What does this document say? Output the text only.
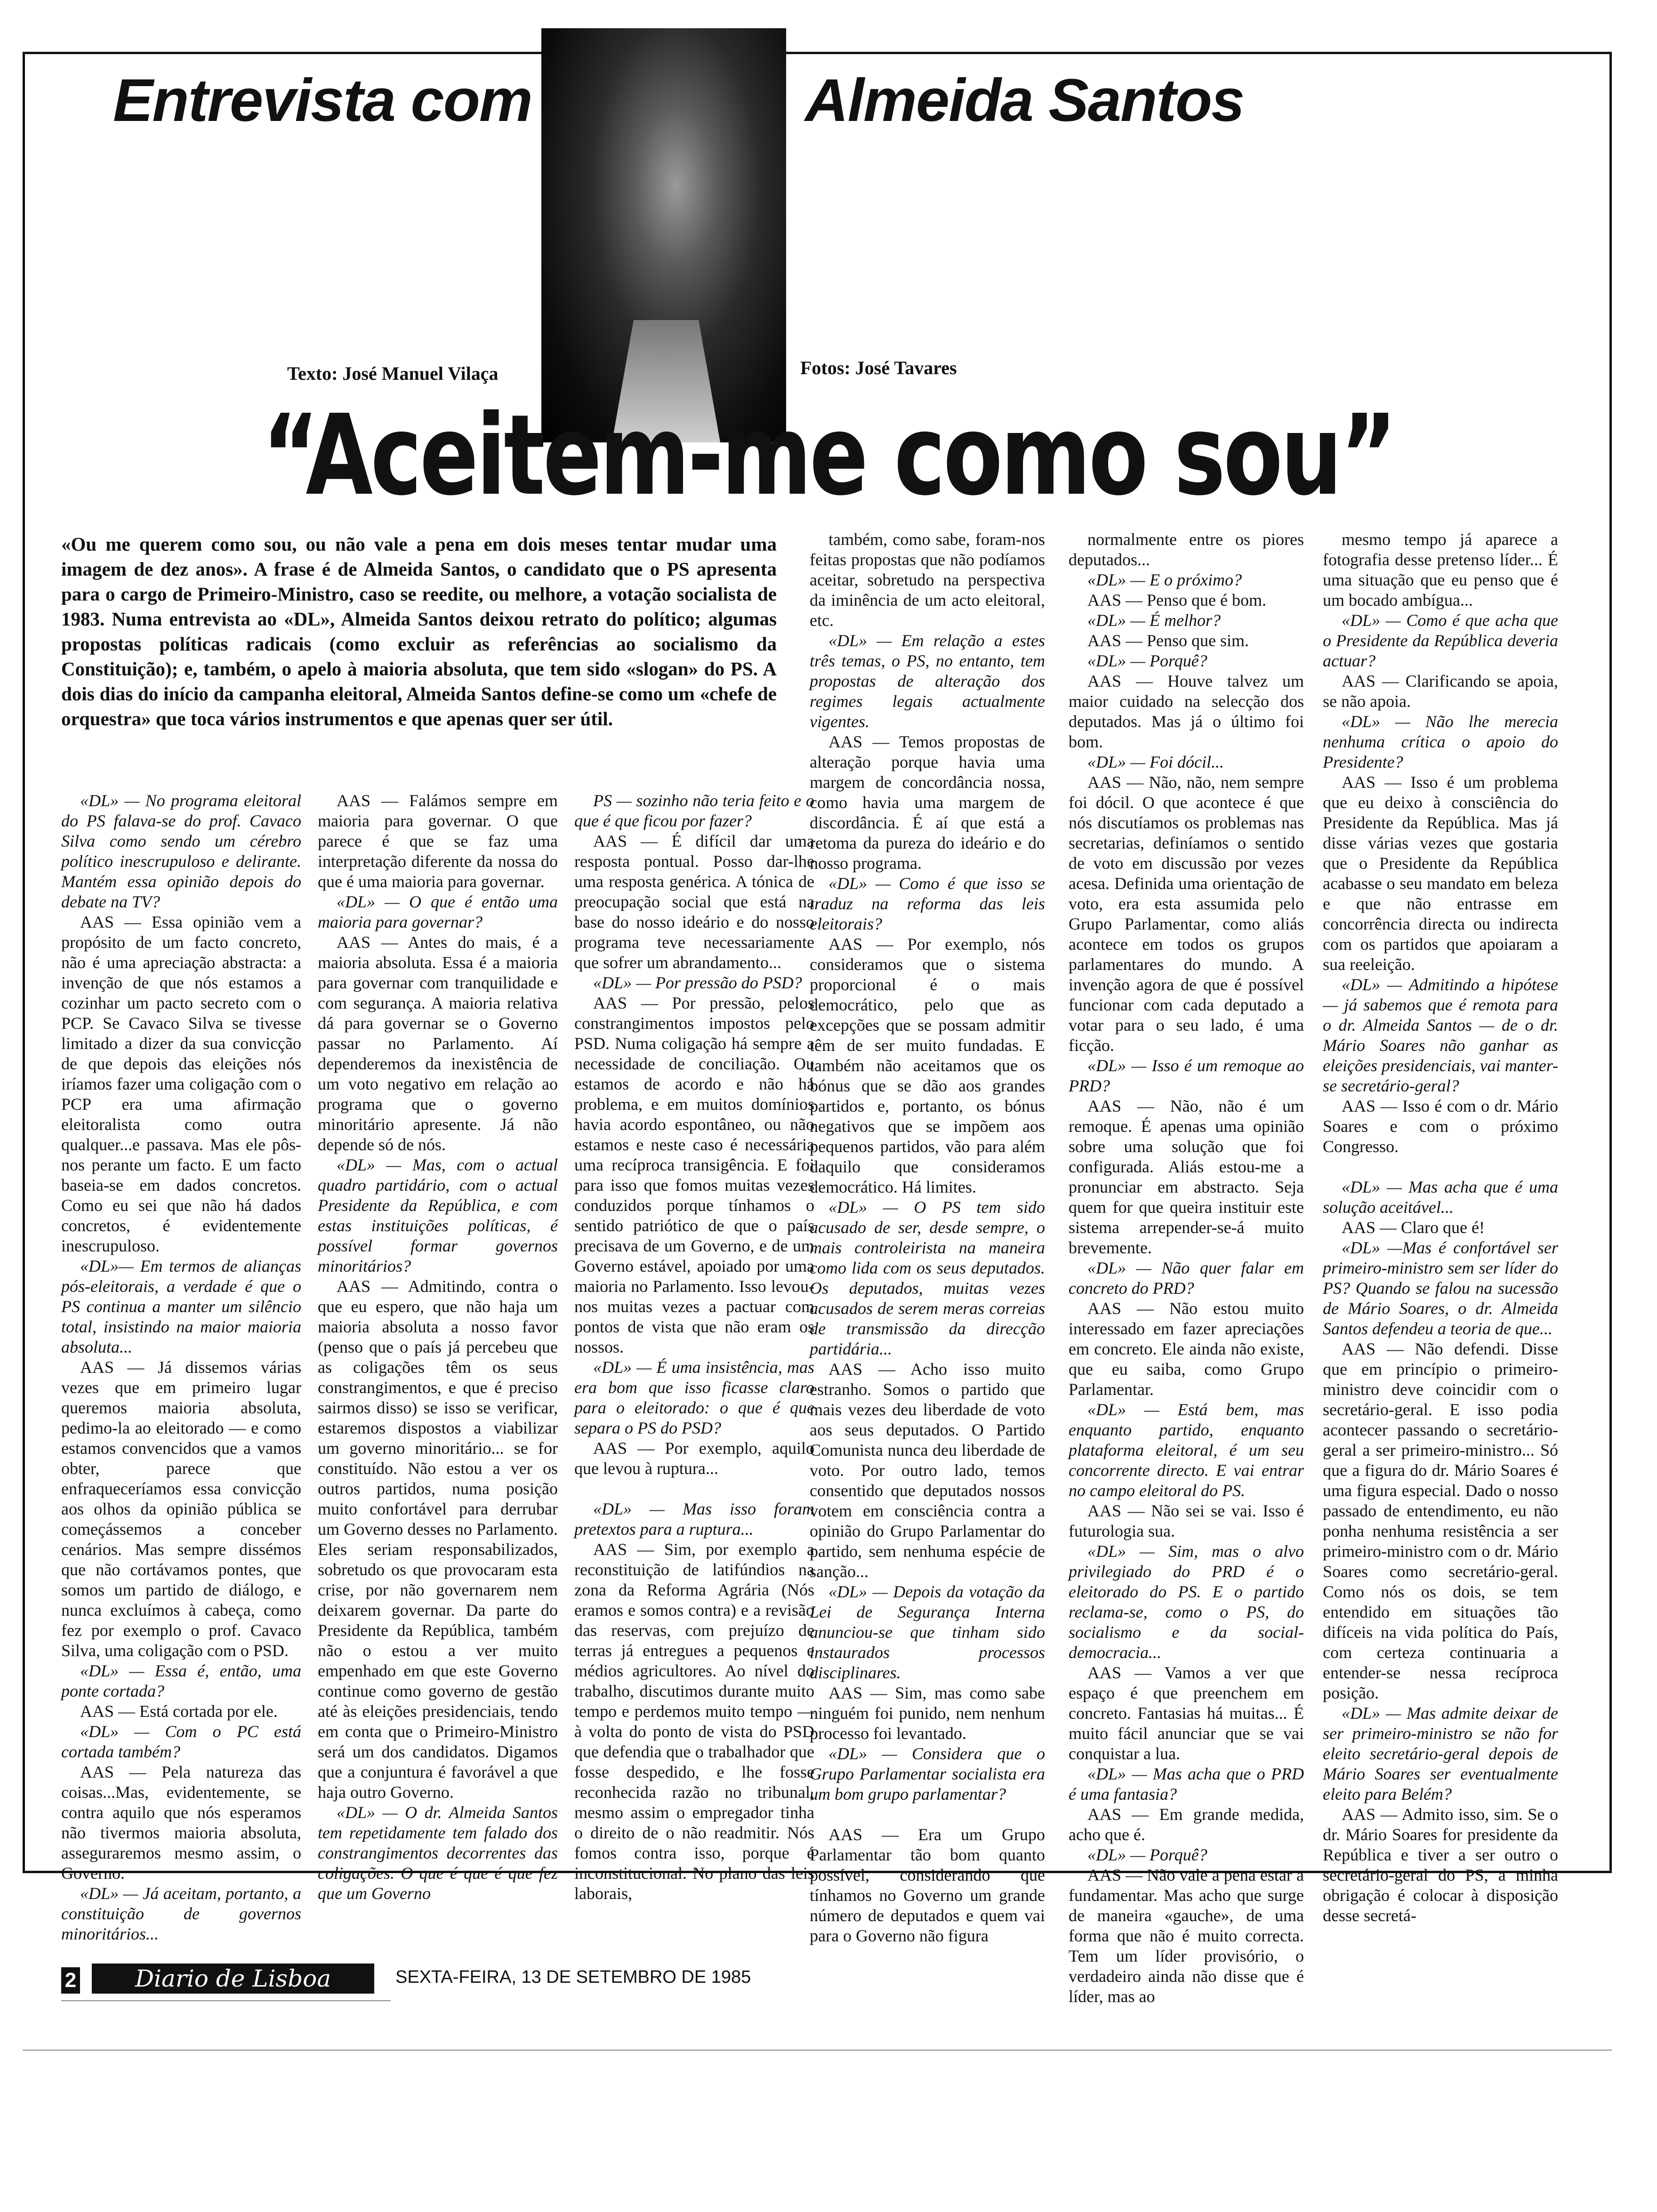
Entrevista com	Almeida Santos
Texto: José Manuel Vilaça	Fotos: José Tavares
“Aceitem-me como sou”
«Ou me querem como sou, ou não vale a pena em dois meses tentar mudar uma imagem de dez anos». A frase é de Almeida Santos, o candidato que o PS apresenta para o cargo de Primeiro-Ministro, caso se reedite, ou melhore, a votação socialista de 1983. Numa entrevista ao «DL», Almeida Santos deixou retrato do político; algumas propostas políticas radicais (como excluir as referências ao socialismo da Constituição); e, também, o apelo à maioria absoluta, que tem sido «slogan» do PS. A dois dias do início da campanha eleitoral, Almeida Santos define-se como um «chefe de orquestra» que toca vários instrumentos e que apenas quer ser útil.

«DL» — No programa eleitoral do PS falava-se do prof. Cavaco Silva como sendo um cérebro político inescrupuloso e delirante. Mantém essa opinião depois do debate na TV?

AAS — Essa opinião vem a propósito de um facto concreto, não é uma apreciação abstracta: a invenção de que nós estamos a cozinhar um pacto secreto com o PCP. Se Cavaco Silva se tivesse limitado a dizer da sua convicção de que depois das eleições nós iríamos fazer uma coligação com o PCP era uma afirmação eleitoralista como outra qualquer...e passava. Mas ele pôs-nos perante um facto. E um facto baseia-se em dados concretos. Como eu sei que não há dados concretos, é evidentemente inescrupuloso.

«DL»— Em termos de alianças pós-eleitorais, a verdade é que o PS continua a manter um silêncio total, insistindo na maior maioria absoluta...

AAS — Já dissemos várias vezes que em primeiro lugar queremos maioria absoluta, pedimo-la ao eleitorado — e como estamos convencidos que a vamos obter, parece que enfraqueceríamos essa convicção aos olhos da opinião pública se começássemos a conceber cenários. Mas sempre dissémos que não cortávamos pontes, que somos um partido de diálogo, e nunca excluímos à cabeça, como fez por exemplo o prof. Cavaco Silva, uma coligação com o PSD.

«DL» — Essa é, então, uma ponte cortada?

AAS — Está cortada por ele.

«DL» — Com o PC está cortada também?

AAS — Pela natureza das coisas...Mas, evidentemente, se contra aquilo que nós esperamos não tivermos maioria absoluta, asseguraremos mesmo assim, o Governo.

«DL» — Já aceitam, portanto, a constituição de governos minoritários...

AAS — Falámos sempre em maioria para governar. O que parece é que se faz uma interpretação diferente da nossa do que é uma maioria para governar.

«DL» — O que é então uma maioria para governar?

AAS — Antes do mais, é a maioria absoluta. Essa é a maioria para governar com tranquilidade e com segurança. A maioria relativa dá para governar se o Governo passar no Parlamento. Aí dependeremos da inexistência de um voto negativo em relação ao programa que o governo minoritário apresente. Já não depende só de nós.

«DL» — Mas, com o actual quadro partidário, com o actual Presidente da República, e com estas instituições políticas, é possível formar governos minoritários?

AAS — Admitindo, contra o que eu espero, que não haja um maioria absoluta a nosso favor (penso que o país já percebeu que as coligações têm os seus constrangimentos, e que é preciso sairmos disso) se isso se verificar, estaremos dispostos a viabilizar um governo minoritário... se for constituído. Não estou a ver os outros partidos, numa posição muito confortável para derrubar um Governo desses no Parlamento. Eles seriam responsabilizados, sobretudo os que provocaram esta crise, por não governarem nem deixarem governar. Da parte do Presidente da República, também não o estou a ver muito empenhado em que este Governo continue como governo de gestão até às eleições presidenciais, tendo em conta que o Primeiro-Ministro será um dos candidatos. Digamos que a conjuntura é favorável a que haja outro Governo.

«DL» — O dr. Almeida Santos tem repetidamente tem falado dos constrangimentos decorrentes das coligações. O que é que é que fez que um Governo

PS — sozinho não teria feito e o que é que ficou por fazer?

AAS — É difícil dar uma resposta pontual. Posso dar-lhe uma resposta genérica. A tónica de preocupação social que está na base do nosso ideário e do nosso programa teve necessariamente que sofrer um abrandamento...

«DL» — Por pressão do PSD?

AAS — Por pressão, pelos constrangimentos impostos pelo PSD. Numa coligação há sempre a necessidade de conciliação. Ou estamos de acordo e não há problema, e em muitos domínios havia acordo espontâneo, ou não estamos e neste caso é necessária uma recíproca transigência. E foi para isso que fomos muitas vezes conduzidos porque tínhamos o sentido patriótico de que o país precisava de um Governo, e de um Governo estável, apoiado por uma maioria no Parlamento. Isso levou-nos muitas vezes a pactuar com pontos de vista que não eram os nossos.

«DL» — É uma insistência, mas era bom que isso ficasse claro para o eleitorado: o que é que separa o PS do PSD?

AAS — Por exemplo, aquilo que levou à ruptura...

«DL» — Mas isso foram pretextos para a ruptura...

AAS — Sim, por exemplo a reconstituição de latifúndios na zona da Reforma Agrária (Nós eramos e somos contra) e a revisão das reservas, com prejuízo de terras já entregues a pequenos e médios agricultores. Ao nível do trabalho, discutimos durante muito tempo e perdemos muito tempo — à volta do ponto de vista do PSD que defendia que o trabalhador que fosse despedido, e lhe fosse reconhecida razão no tribunal, mesmo assim o empregador tinha o direito de o não readmitir. Nós fomos contra isso, porque é inconstitucional. No plano das leis laborais,

também, como sabe, foram-nos feitas propostas que não podíamos aceitar, sobretudo na perspectiva da iminência de um acto eleitoral, etc.

«DL» — Em relação a estes três temas, o PS, no entanto, tem propostas de alteração dos regimes legais actualmente vigentes.

AAS — Temos propostas de alteração porque havia uma margem de concordância nossa, como havia uma margem de discordância. É aí que está a retoma da pureza do ideário e do nosso programa.

«DL» — Como é que isso se traduz na reforma das leis eleitorais?

AAS — Por exemplo, nós consideramos que o sistema proporcional é o mais democrático, pelo que as excepções que se possam admitir têm de ser muito fundadas. E também não aceitamos que os bónus que se dão aos grandes partidos e, portanto, os bónus negativos que se impõem aos pequenos partidos, vão para além daquilo que consideramos democrático. Há limites.

«DL» — O PS tem sido acusado de ser, desde sempre, o mais controleirista na maneira como lida com os seus deputados. Os deputados, muitas vezes acusados de serem meras correias de transmissão da direcção partidária...

AAS — Acho isso muito estranho. Somos o partido que mais vezes deu liberdade de voto aos seus deputados. O Partido Comunista nunca deu liberdade de voto. Por outro lado, temos consentido que deputados nossos votem em consciência contra a opinião do Grupo Parlamentar do partido, sem nenhuma espécie de sanção...

«DL» — Depois da votação da Lei de Segurança Interna anunciou-se que tinham sido instaurados processos disciplinares.

AAS — Sim, mas como sabe ninguém foi punido, nem nenhum processo foi levantado.

«DL» — Considera que o Grupo Parlamentar socialista era um bom grupo parlamentar?

AAS — Era um Grupo Parlamentar tão bom quanto possível, considerando que tínhamos no Governo um grande número de deputados e quem vai para o Governo não figura

normalmente entre os piores deputados...

«DL» — E o próximo?

AAS — Penso que é bom.

«DL» — É melhor?

AAS — Penso que sim.

«DL» — Porquê?

AAS — Houve talvez um maior cuidado na selecção dos deputados. Mas já o último foi bom.

«DL» — Foi dócil...

AAS — Não, não, nem sempre foi dócil. O que acontece é que nós discutíamos os problemas nas secretarias, definíamos o sentido de voto em discussão por vezes acesa. Definida uma orientação de voto, era esta assumida pelo Grupo Parlamentar, como aliás acontece em todos os grupos parlamentares do mundo. A invenção agora de que é possível funcionar com cada deputado a votar para o seu lado, é uma ficção.

«DL» — Isso é um remoque ao PRD?

AAS — Não, não é um remoque. É apenas uma opinião sobre uma solução que foi configurada. Aliás estou-me a pronunciar em abstracto. Seja quem for que queira instituir este sistema arrepender-se-á muito brevemente.

«DL» — Não quer falar em concreto do PRD?

AAS — Não estou muito interessado em fazer apreciações em concreto. Ele ainda não existe, que eu saiba, como Grupo Parlamentar.

«DL» — Está bem, mas enquanto partido, enquanto plataforma eleitoral, é um seu concorrente directo. E vai entrar no campo eleitoral do PS.

AAS — Não sei se vai. Isso é futurologia sua.

«DL» — Sim, mas o alvo privilegiado do PRD é o eleitorado do PS. E o partido reclama-se, como o PS, do socialismo e da social-democracia...

AAS — Vamos a ver que espaço é que preenchem em concreto. Fantasias há muitas... É muito fácil anunciar que se vai conquistar a lua.

«DL» — Mas acha que o PRD é uma fantasia?

AAS — Em grande medida, acho que é.

«DL» — Porquê?

AAS — Não vale a pena estar a fundamentar. Mas acho que surge de maneira «gauche», de uma forma que não é muito correcta. Tem um líder provisório, o verdadeiro ainda não disse que é líder, mas ao

mesmo tempo já aparece a fotografia desse pretenso líder... É uma situação que eu penso que é um bocado ambígua...

«DL» — Como é que acha que o Presidente da República deveria actuar?

AAS — Clarificando se apoia, se não apoia.

«DL» — Não lhe merecia nenhuma crítica o apoio do Presidente?

AAS — Isso é um problema que eu deixo à consciência do Presidente da República. Mas já disse várias vezes que gostaria que o Presidente da República acabasse o seu mandato em beleza e que não entrasse em concorrência directa ou indirecta com os partidos que apoiaram a sua reeleição.

«DL» — Admitindo a hipótese — já sabemos que é remota para o dr. Almeida Santos — de o dr. Mário Soares não ganhar as eleições presidenciais, vai manter-se secretário-geral?

AAS — Isso é com o dr. Mário Soares e com o próximo Congresso.

«DL» — Mas acha que é uma solução aceitável...

AAS — Claro que é!

«DL» —Mas é confortável ser primeiro-ministro sem ser líder do PS? Quando se falou na sucessão de Mário Soares, o dr. Almeida Santos defendeu a teoria de que...

AAS — Não defendi. Disse que em princípio o primeiro-ministro deve coincidir com o secretário-geral. E isso podia acontecer passando o secretário-geral a ser primeiro-ministro... Só que a figura do dr. Mário Soares é uma figura especial. Dado o nosso passado de entendimento, eu não ponha nenhuma resistência a ser primeiro-ministro com o dr. Mário Soares como secretário-geral. Como nós os dois, se tem entendido em situações tão difíceis na vida política do País, com certeza continuaria a entender-se nessa recíproca posição.

«DL» — Mas admite deixar de ser primeiro-ministro se não for eleito secretário-geral depois de Mário Soares ser eventualmente eleito para Belém?

AAS — Admito isso, sim. Se o dr. Mário Soares for presidente da República e tiver a ser outro o secretário-geral do PS, a minha obrigação é colocar à disposição desse secretá-

2	Diario de Lisboa	SEXTA-FEIRA, 13 DE SETEMBRO DE 1985
